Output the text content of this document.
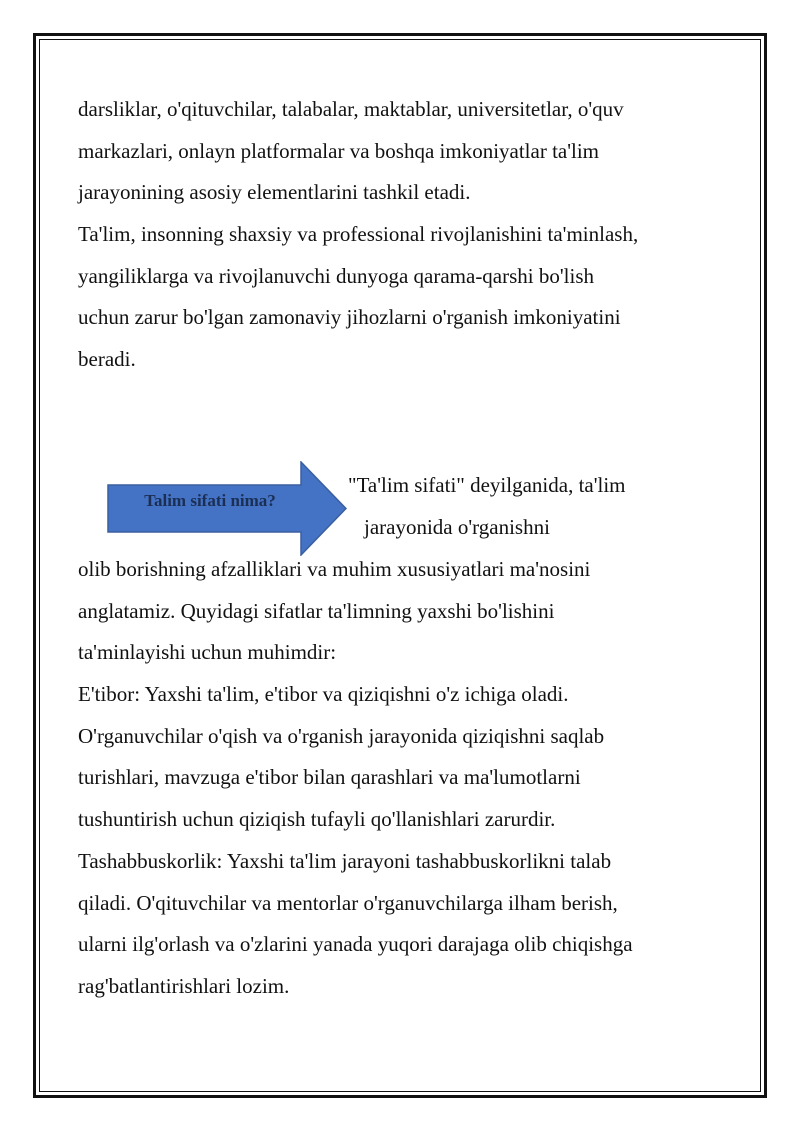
darsliklar, o'qituvchilar, talabalar, maktablar, universitetlar, o'quv
markazlari, onlayn platformalar va boshqa imkoniyatlar ta'lim
jarayonining asosiy elementlarini tashkil etadi.
Ta'lim, insonning shaxsiy va professional rivojlanishini ta'minlash,
yangiliklarga va rivojlanuvchi dunyoga qarama-qarshi bo'lish
uchun zarur bo'lgan zamonaviy jihozlarni o'rganish imkoniyatini
beradi.
Talim sifati nima?
"Ta'lim sifati" deyilganida, ta'lim
jarayonida o'rganishni
olib borishning afzalliklari va muhim xususiyatlari ma'nosini
anglatamiz. Quyidagi sifatlar ta'limning yaxshi bo'lishini
ta'minlayishi uchun muhimdir:
E'tibor: Yaxshi ta'lim, e'tibor va qiziqishni o'z ichiga oladi.
O'rganuvchilar o'qish va o'rganish jarayonida qiziqishni saqlab
turishlari, mavzuga e'tibor bilan qarashlari va ma'lumotlarni
tushuntirish uchun qiziqish tufayli qo'llanishlari zarurdir.
Tashabbuskorlik: Yaxshi ta'lim jarayoni tashabbuskorlikni talab
qiladi. O'qituvchilar va mentorlar o'rganuvchilarga ilham berish,
ularni ilg'orlash va o'zlarini yanada yuqori darajaga olib chiqishga
rag'batlantirishlari lozim.
